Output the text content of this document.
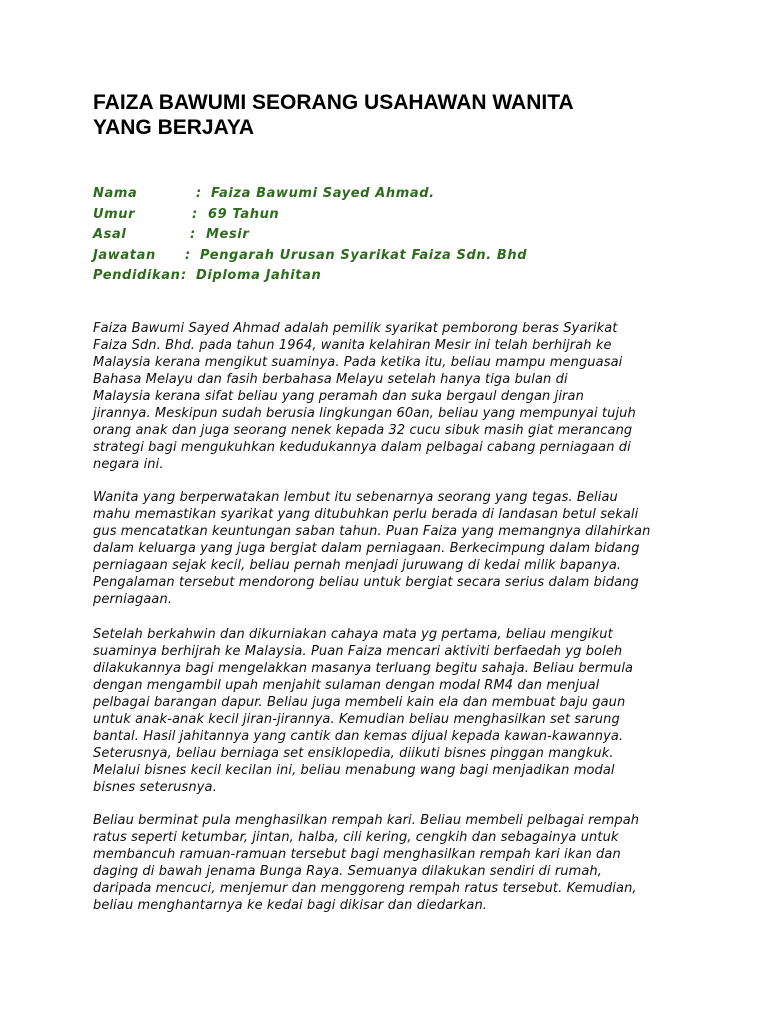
FAIZA BAWUMI SEORANG USAHAWAN WANITA
YANG BERJAYA
Nama	: Faiza Bawumi Sayed Ahmad.
Umur	: 69 Tahun
Asal	: Mesir
Jawatan : Pengarah Urusan Syarikat Faiza Sdn. Bhd
Pendidikan : Diploma Jahitan

Faiza Bawumi Sayed Ahmad adalah pemilik syarikat pemborong beras Syarikat
Faiza Sdn. Bhd. pada tahun 1964, wanita kelahiran Mesir ini telah berhijrah ke
Malaysia kerana mengikut suaminya. Pada ketika itu, beliau mampu menguasai
Bahasa Melayu dan fasih berbahasa Melayu setelah hanya tiga bulan di
Malaysia kerana sifat beliau yang peramah dan suka bergaul dengan jiran
jirannya. Meskipun sudah berusia lingkungan 60an, beliau yang mempunyai tujuh
orang anak dan juga seorang nenek kepada 32 cucu sibuk masih giat merancang
strategi bagi mengukuhkan kedudukannya dalam pelbagai cabang perniagaan di
negara ini.

Wanita yang berperwatakan lembut itu sebenarnya seorang yang tegas. Beliau
mahu memastikan syarikat yang ditubuhkan perlu berada di landasan betul sekali
gus mencatatkan keuntungan saban tahun. Puan Faiza yang memangnya dilahirkan
dalam keluarga yang juga bergiat dalam perniagaan. Berkecimpung dalam bidang
perniagaan sejak kecil, beliau pernah menjadi juruwang di kedai milik bapanya.
Pengalaman tersebut mendorong beliau untuk bergiat secara serius dalam bidang
perniagaan.

Setelah berkahwin dan dikurniakan cahaya mata yg pertama, beliau mengikut
suaminya berhijrah ke Malaysia. Puan Faiza mencari aktiviti berfaedah yg boleh
dilakukannya bagi mengelakkan masanya terluang begitu sahaja. Beliau bermula
dengan mengambil upah menjahit sulaman dengan modal RM4 dan menjual
pelbagai barangan dapur. Beliau juga membeli kain ela dan membuat baju gaun
untuk anak-anak kecil jiran-jirannya. Kemudian beliau menghasilkan set sarung
bantal. Hasil jahitannya yang cantik dan kemas dijual kepada kawan-kawannya.
Seterusnya, beliau berniaga set ensiklopedia, diikuti bisnes pinggan mangkuk.
Melalui bisnes kecil kecilan ini, beliau menabung wang bagi menjadikan modal
bisnes seterusnya.

Beliau berminat pula menghasilkan rempah kari. Beliau membeli pelbagai rempah
ratus seperti ketumbar, jintan, halba, cili kering, cengkih dan sebagainya untuk
membancuh ramuan-ramuan tersebut bagi menghasilkan rempah kari ikan dan
daging di bawah jenama Bunga Raya. Semuanya dilakukan sendiri di rumah,
daripada mencuci, menjemur dan menggoreng rempah ratus tersebut. Kemudian,
beliau menghantarnya ke kedai bagi dikisar dan diedarkan.
